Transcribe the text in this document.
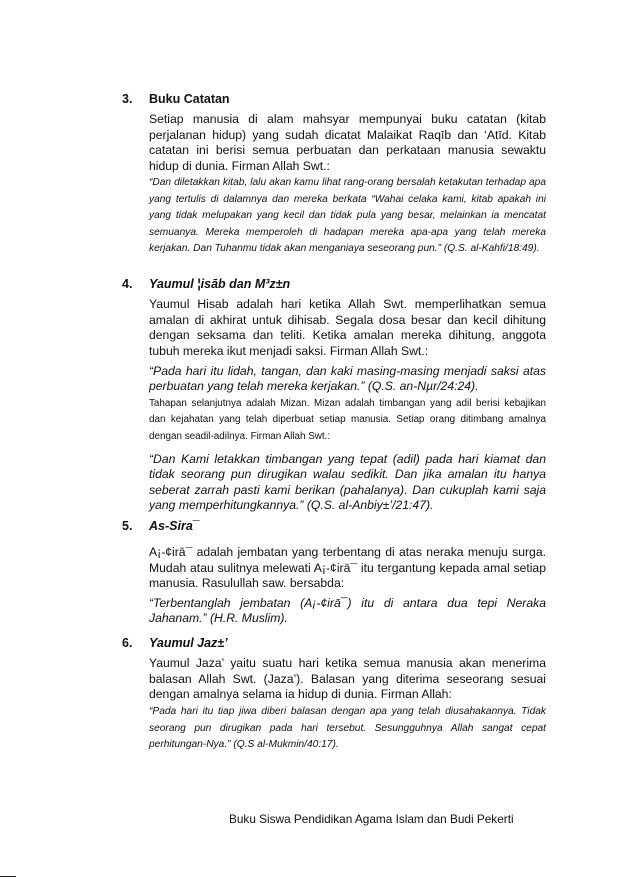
3. Buku Catatan

Setiap manusia di alam mahsyar mempunyai buku catatan (kitab perjalanan hidup) yang sudah dicatat Malaikat Raqīb dan ‘Atīd. Kitab catatan ini berisi semua perbuatan dan perkataan manusia sewaktu hidup di dunia. Firman Allah Swt.:

“Dan diletakkan kitab, lalu akan kamu lihat rang-orang bersalah ketakutan terhadap apa yang tertulis di dalamnya dan mereka berkata “Wahai celaka kami, kitab apakah ini yang tidak melupakan yang kecil dan tidak pula yang besar, melainkan ia mencatat semuanya. Mereka memperoleh di hadapan mereka apa-apa yang telah mereka kerjakan. Dan Tuhanmu tidak akan menganiaya seseorang pun.” (Q.S. al-Kahfi/18:49).

4. Yaumul ¦isāb dan M³z±n

Yaumul Hisab adalah hari ketika Allah Swt. memperlihatkan semua amalan di akhirat untuk dihisab. Segala dosa besar dan kecil dihitung dengan seksama dan teliti. Ketika amalan mereka dihitung, anggota tubuh mereka ikut menjadi saksi. Firman Allah Swt.:

“Pada hari itu lidah, tangan, dan kaki masing-masing menjadi saksi atas perbuatan yang telah mereka kerjakan.” (Q.S. an-Nµr/24:24).

Tahapan selanjutnya adalah Mizan. Mizan adalah timbangan yang adil berisi kebajikan dan kejahatan yang telah diperbuat setiap manusia. Setiap orang ditimbang amalnya dengan seadil-adilnya. Firman Allah Swt.:

“Dan Kami letakkan timbangan yang tepat (adil) pada hari kiamat dan tidak seorang pun dirugikan walau sedikit. Dan jika amalan itu hanya seberat zarrah pasti kami berikan (pahalanya). Dan cukuplah kami saja yang memperhitungkannya.” (Q.S. al-Anbiy±’/21:47).

5. As-Sira¯

A¡-¢irā¯ adalah jembatan yang terbentang di atas neraka menuju surga. Mudah atau sulitnya melewati A¡-¢irā¯ itu tergantung kepada amal setiap manusia. Rasulullah saw. bersabda:

“Terbentanglah jembatan (A¡-¢irā¯) itu di antara dua tepi Neraka Jahanam.” (H.R. Muslim).

6. Yaumul Jaz±’

Yaumul Jaza’ yaitu suatu hari ketika semua manusia akan menerima balasan Allah Swt. (Jaza’). Balasan yang diterima seseorang sesuai dengan amalnya selama ia hidup di dunia. Firman Allah:

“Pada hari itu tiap jiwa diberi balasan dengan apa yang telah diusahakannya. Tidak seorang pun dirugikan pada hari tersebut. Sesungguhnya Allah sangat cepat perhitungan-Nya.” (Q.S al-Mukmin/40:17).

Buku Siswa Pendidikan Agama Islam dan Budi Pekerti
